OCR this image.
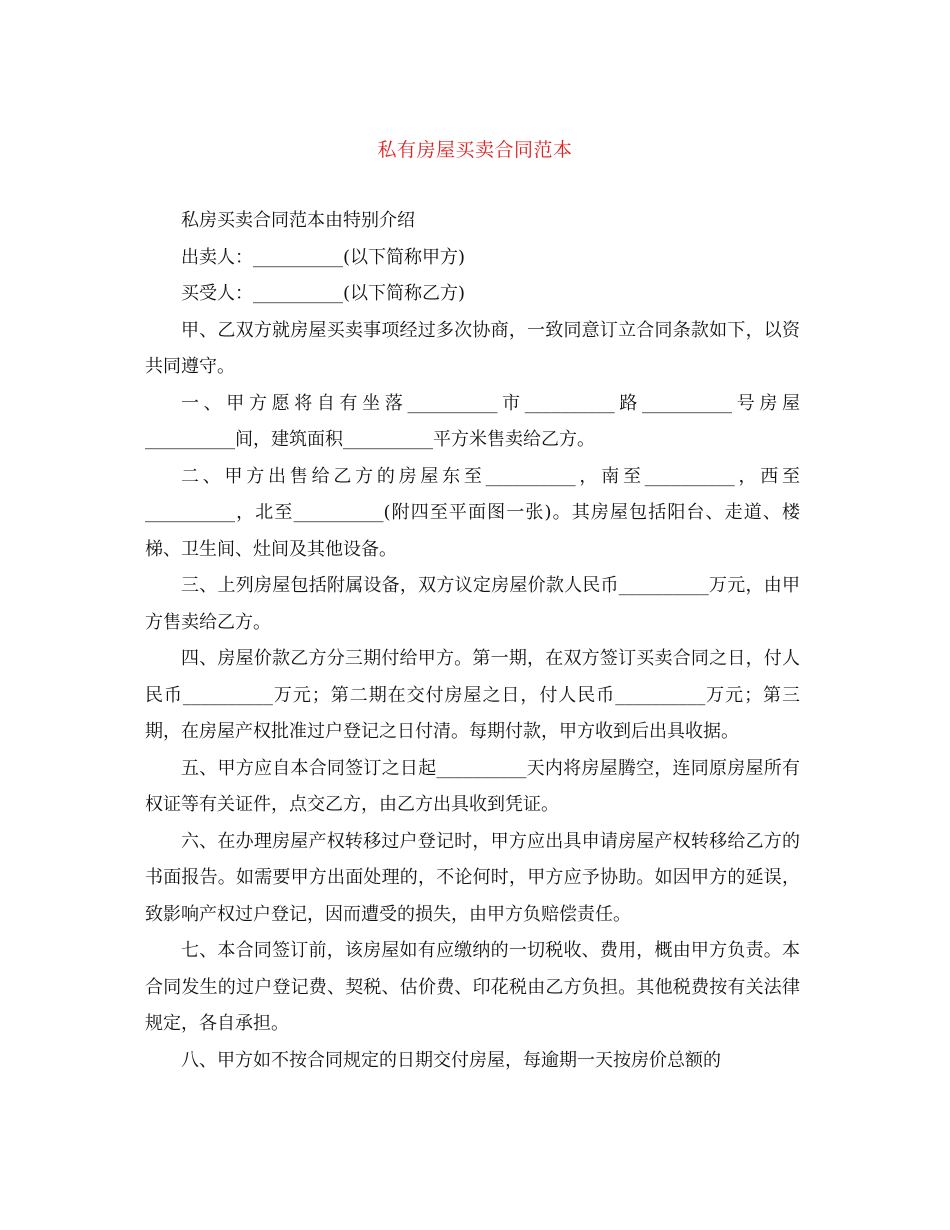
私有房屋买卖合同范本

私房买卖合同范本由特别介绍

出卖人：__________(以下简称甲方)

买受人：__________(以下简称乙方)

甲、乙双方就房屋买卖事项经过多次协商，一致同意订立合同条款如下，以资共同遵守。

一、甲方愿将自有坐落__________市__________路__________号房屋__________间，建筑面积__________平方米售卖给乙方。

二、甲方出售给乙方的房屋东至__________，南至__________，西至__________，北至__________(附四至平面图一张)。其房屋包括阳台、走道、楼梯、卫生间、灶间及其他设备。

三、上列房屋包括附属设备，双方议定房屋价款人民币__________万元，由甲方售卖给乙方。

四、房屋价款乙方分三期付给甲方。第一期，在双方签订买卖合同之日，付人民币__________万元；第二期在交付房屋之日，付人民币__________万元；第三期，在房屋产权批准过户登记之日付清。每期付款，甲方收到后出具收据。

五、甲方应自本合同签订之日起__________天内将房屋腾空，连同原房屋所有权证等有关证件，点交乙方，由乙方出具收到凭证。

六、在办理房屋产权转移过户登记时，甲方应出具申请房屋产权转移给乙方的书面报告。如需要甲方出面处理的，不论何时，甲方应予协助。如因甲方的延误，致影响产权过户登记，因而遭受的损失，由甲方负赔偿责任。

七、本合同签订前，该房屋如有应缴纳的一切税收、费用，概由甲方负责。本合同发生的过户登记费、契税、估价费、印花税由乙方负担。其他税费按有关法律规定，各自承担。

八、甲方如不按合同规定的日期交付房屋，每逾期一天按房价总额的
